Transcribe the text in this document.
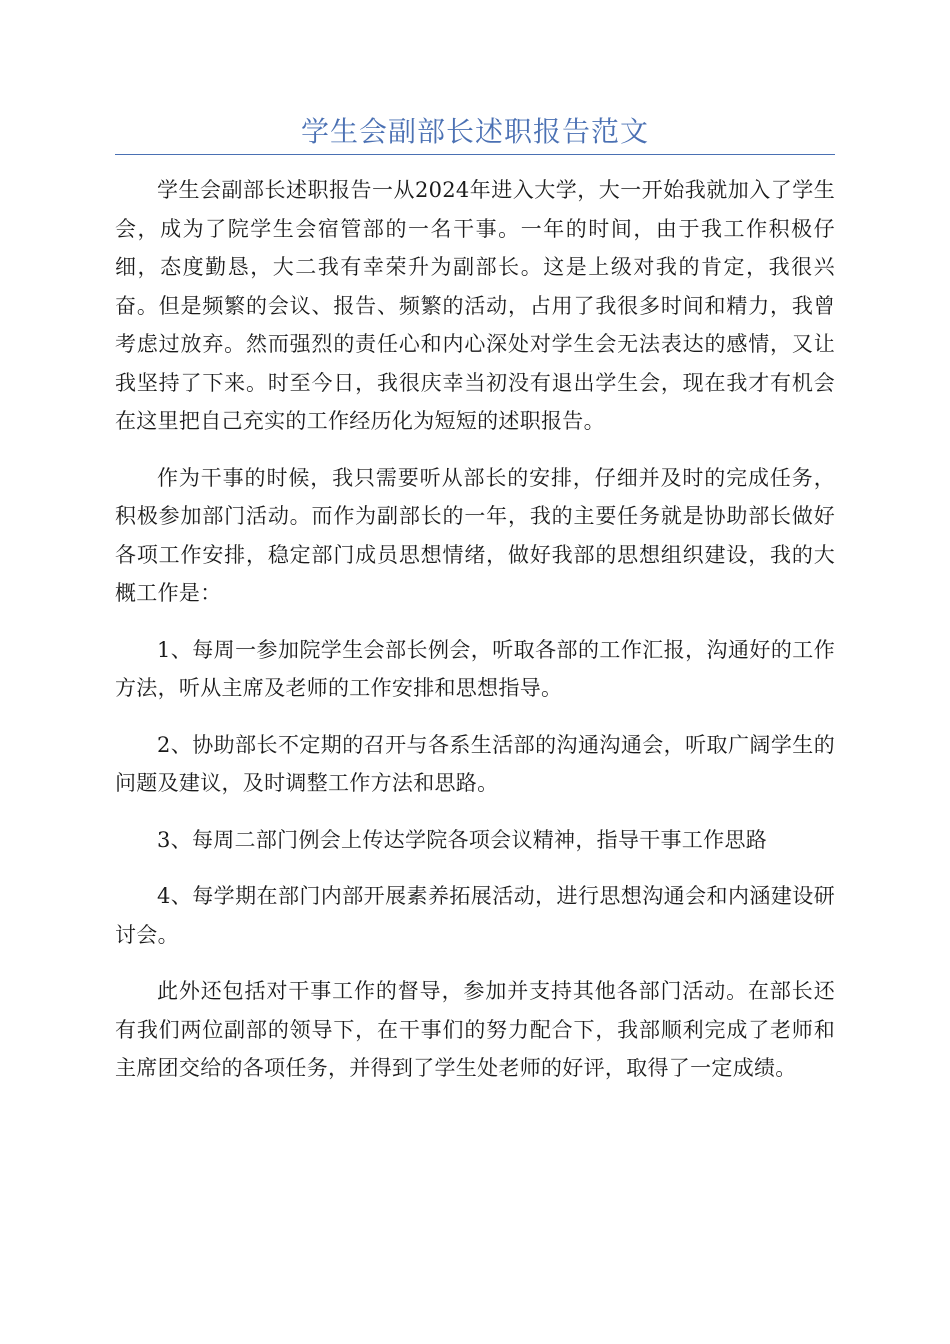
学生会副部长述职报告范文

学生会副部长述职报告一从2024年进入大学，大一开始我就加入了学生会，成为了院学生会宿管部的一名干事。一年的时间，由于我工作积极仔细，态度勤恳，大二我有幸荣升为副部长。这是上级对我的肯定，我很兴奋。但是频繁的会议、报告、频繁的活动，占用了我很多时间和精力，我曾考虑过放弃。然而强烈的责任心和内心深处对学生会无法表达的感情，又让我坚持了下来。时至今日，我很庆幸当初没有退出学生会，现在我才有机会在这里把自己充实的工作经历化为短短的述职报告。

作为干事的时候，我只需要听从部长的安排，仔细并及时的完成任务，积极参加部门活动。而作为副部长的一年，我的主要任务就是协助部长做好各项工作安排，稳定部门成员思想情绪，做好我部的思想组织建设，我的大概工作是：

1、每周一参加院学生会部长例会，听取各部的工作汇报，沟通好的工作方法，听从主席及老师的工作安排和思想指导。

2、协助部长不定期的召开与各系生活部的沟通沟通会，听取广阔学生的问题及建议，及时调整工作方法和思路。

3、每周二部门例会上传达学院各项会议精神，指导干事工作思路

4、每学期在部门内部开展素养拓展活动，进行思想沟通会和内涵建设研讨会。

此外还包括对干事工作的督导，参加并支持其他各部门活动。在部长还有我们两位副部的领导下，在干事们的努力配合下，我部顺利完成了老师和主席团交给的各项任务，并得到了学生处老师的好评，取得了一定成绩。
